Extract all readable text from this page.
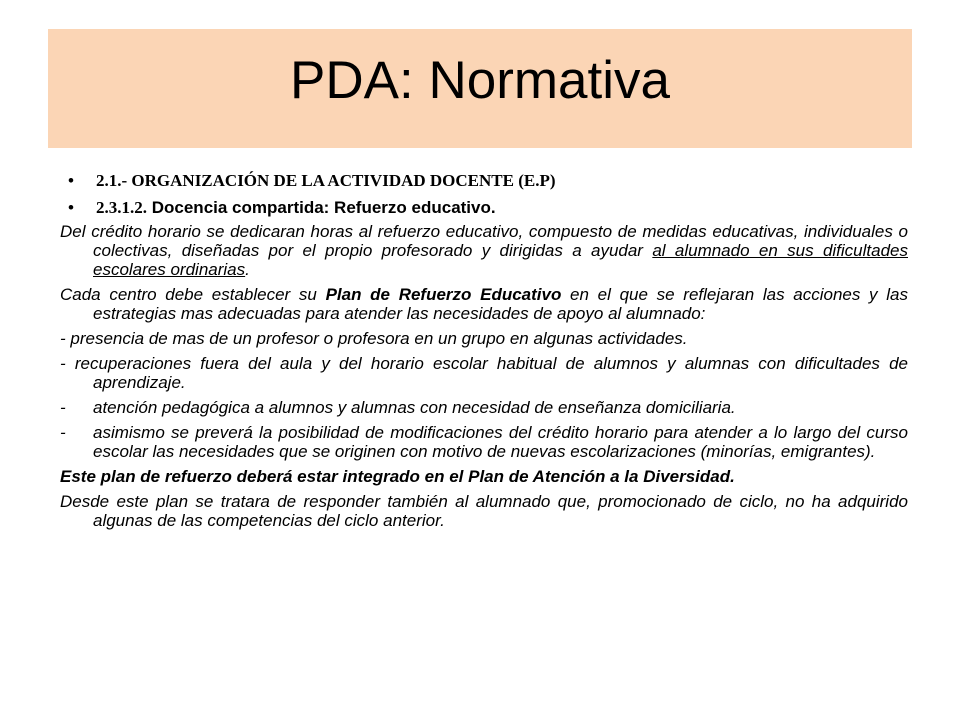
PDA: Normativa
• 2.1.- ORGANIZACIÓN DE LA ACTIVIDAD DOCENTE (E.P)
• 2.3.1.2. Docencia compartida: Refuerzo educativo.

Del crédito horario se dedicaran horas al refuerzo educativo, compuesto de medidas educativas, individuales o colectivas, diseñadas por el propio profesorado y dirigidas a ayudar al alumnado en sus dificultades escolares ordinarias.

Cada centro debe establecer su Plan de Refuerzo Educativo en el que se reflejaran las acciones y las estrategias mas adecuadas para atender las necesidades de apoyo al alumnado:

- presencia de mas de un profesor o profesora en un grupo en algunas actividades.

- recuperaciones fuera del aula y del horario escolar habitual de alumnos y alumnas con dificultades de aprendizaje.

-	atención pedagógica a alumnos y alumnas con necesidad de enseñanza domiciliaria.
-	asimismo se preverá la posibilidad de modificaciones del crédito horario para atender a lo largo del curso escolar las necesidades que se originen con motivo de nuevas escolarizaciones (minorías, emigrantes).

Este plan de refuerzo deberá estar integrado en el Plan de Atención a la Diversidad.

Desde este plan se tratara de responder también al alumnado que, promocionado de ciclo, no ha adquirido algunas de las competencias del ciclo anterior.
